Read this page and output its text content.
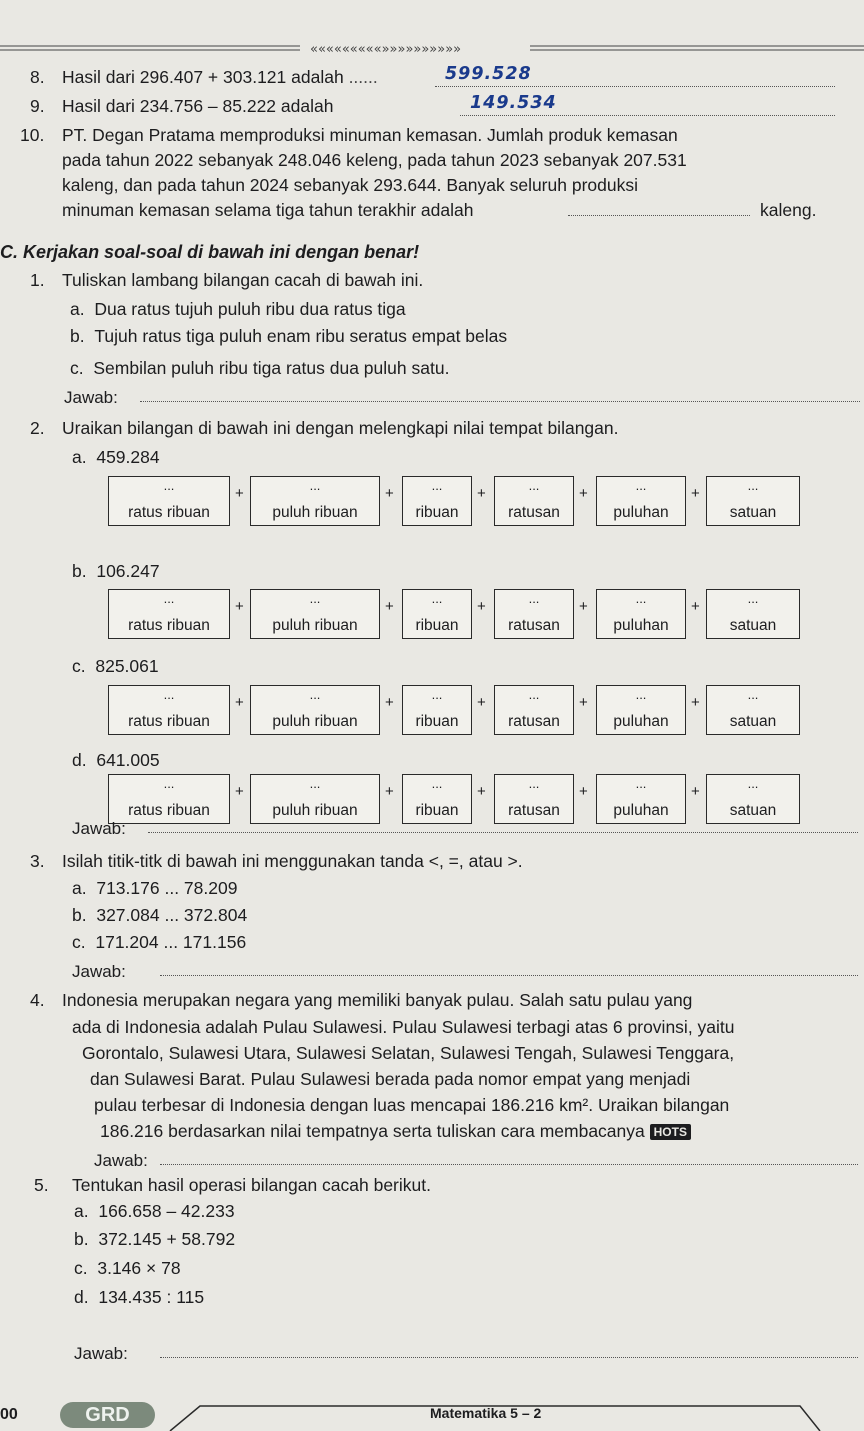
«««««««««»»»»»»»»»»
8. Hasil dari 296.407 + 303.121 adalah ......	599.528
9. Hasil dari 234.756 – 85.222 adalah	149.534
10. PT. Degan Pratama memproduksi minuman kemasan. Jumlah produk kemasan
pada tahun 2022 sebanyak 248.046 keleng, pada tahun 2023 sebanyak 207.531
kaleng, dan pada tahun 2024 sebanyak 293.644. Banyak seluruh produksi
minuman kemasan selama tiga tahun terakhir adalah	kaleng.
C. Kerjakan soal-soal di bawah ini dengan benar!
1. Tuliskan lambang bilangan cacah di bawah ini.
a. Dua ratus tujuh puluh ribu dua ratus tiga
b. Tujuh ratus tiga puluh enam ribu seratus empat belas
c. Sembilan puluh ribu tiga ratus dua puluh satu.
Jawab:
2. Uraikan bilangan di bawah ini dengan melengkapi nilai tempat bilangan.
a. 459.284
...
ratus ribuan
+	...
puluh ribuan
+	...
ribuan
+	...
ratusan
+	...
puluhan
+	...
satuan
b. 106.247
...
ratus ribuan
+	...
puluh ribuan
+	...
ribuan
+	...
ratusan
+	...
puluhan
+	...
satuan
c. 825.061
...
ratus ribuan
+	...
puluh ribuan
+	...
ribuan
+	...
ratusan
+	...
puluhan
+	...
satuan
d. 641.005
...
ratus ribuan
+	...
puluh ribuan
+	...
ribuan
+	...
ratusan
+	...
puluhan
+	...
satuan
Jawab:
3. Isilah titik-titk di bawah ini menggunakan tanda <, =, atau >.
a. 713.176 ... 78.209
b. 327.084 ... 372.804
c. 171.204 ... 171.156
Jawab:
4. Indonesia merupakan negara yang memiliki banyak pulau. Salah satu pulau yang
ada di Indonesia adalah Pulau Sulawesi. Pulau Sulawesi terbagi atas 6 provinsi, yaitu
Gorontalo, Sulawesi Utara, Sulawesi Selatan, Sulawesi Tengah, Sulawesi Tenggara,
dan Sulawesi Barat. Pulau Sulawesi berada pada nomor empat yang menjadi
pulau terbesar di Indonesia dengan luas mencapai 186.216 km². Uraikan bilangan
186.216 berdasarkan nilai tempatnya serta tuliskan cara membacanya HOTS
Jawab:
5. Tentukan hasil operasi bilangan cacah berikut.
a. 166.658 – 42.233
b. 372.145 + 58.792
c. 3.146 × 78
d. 134.435 : 115
Jawab:
00	GRD	Matematika 5 – 2
